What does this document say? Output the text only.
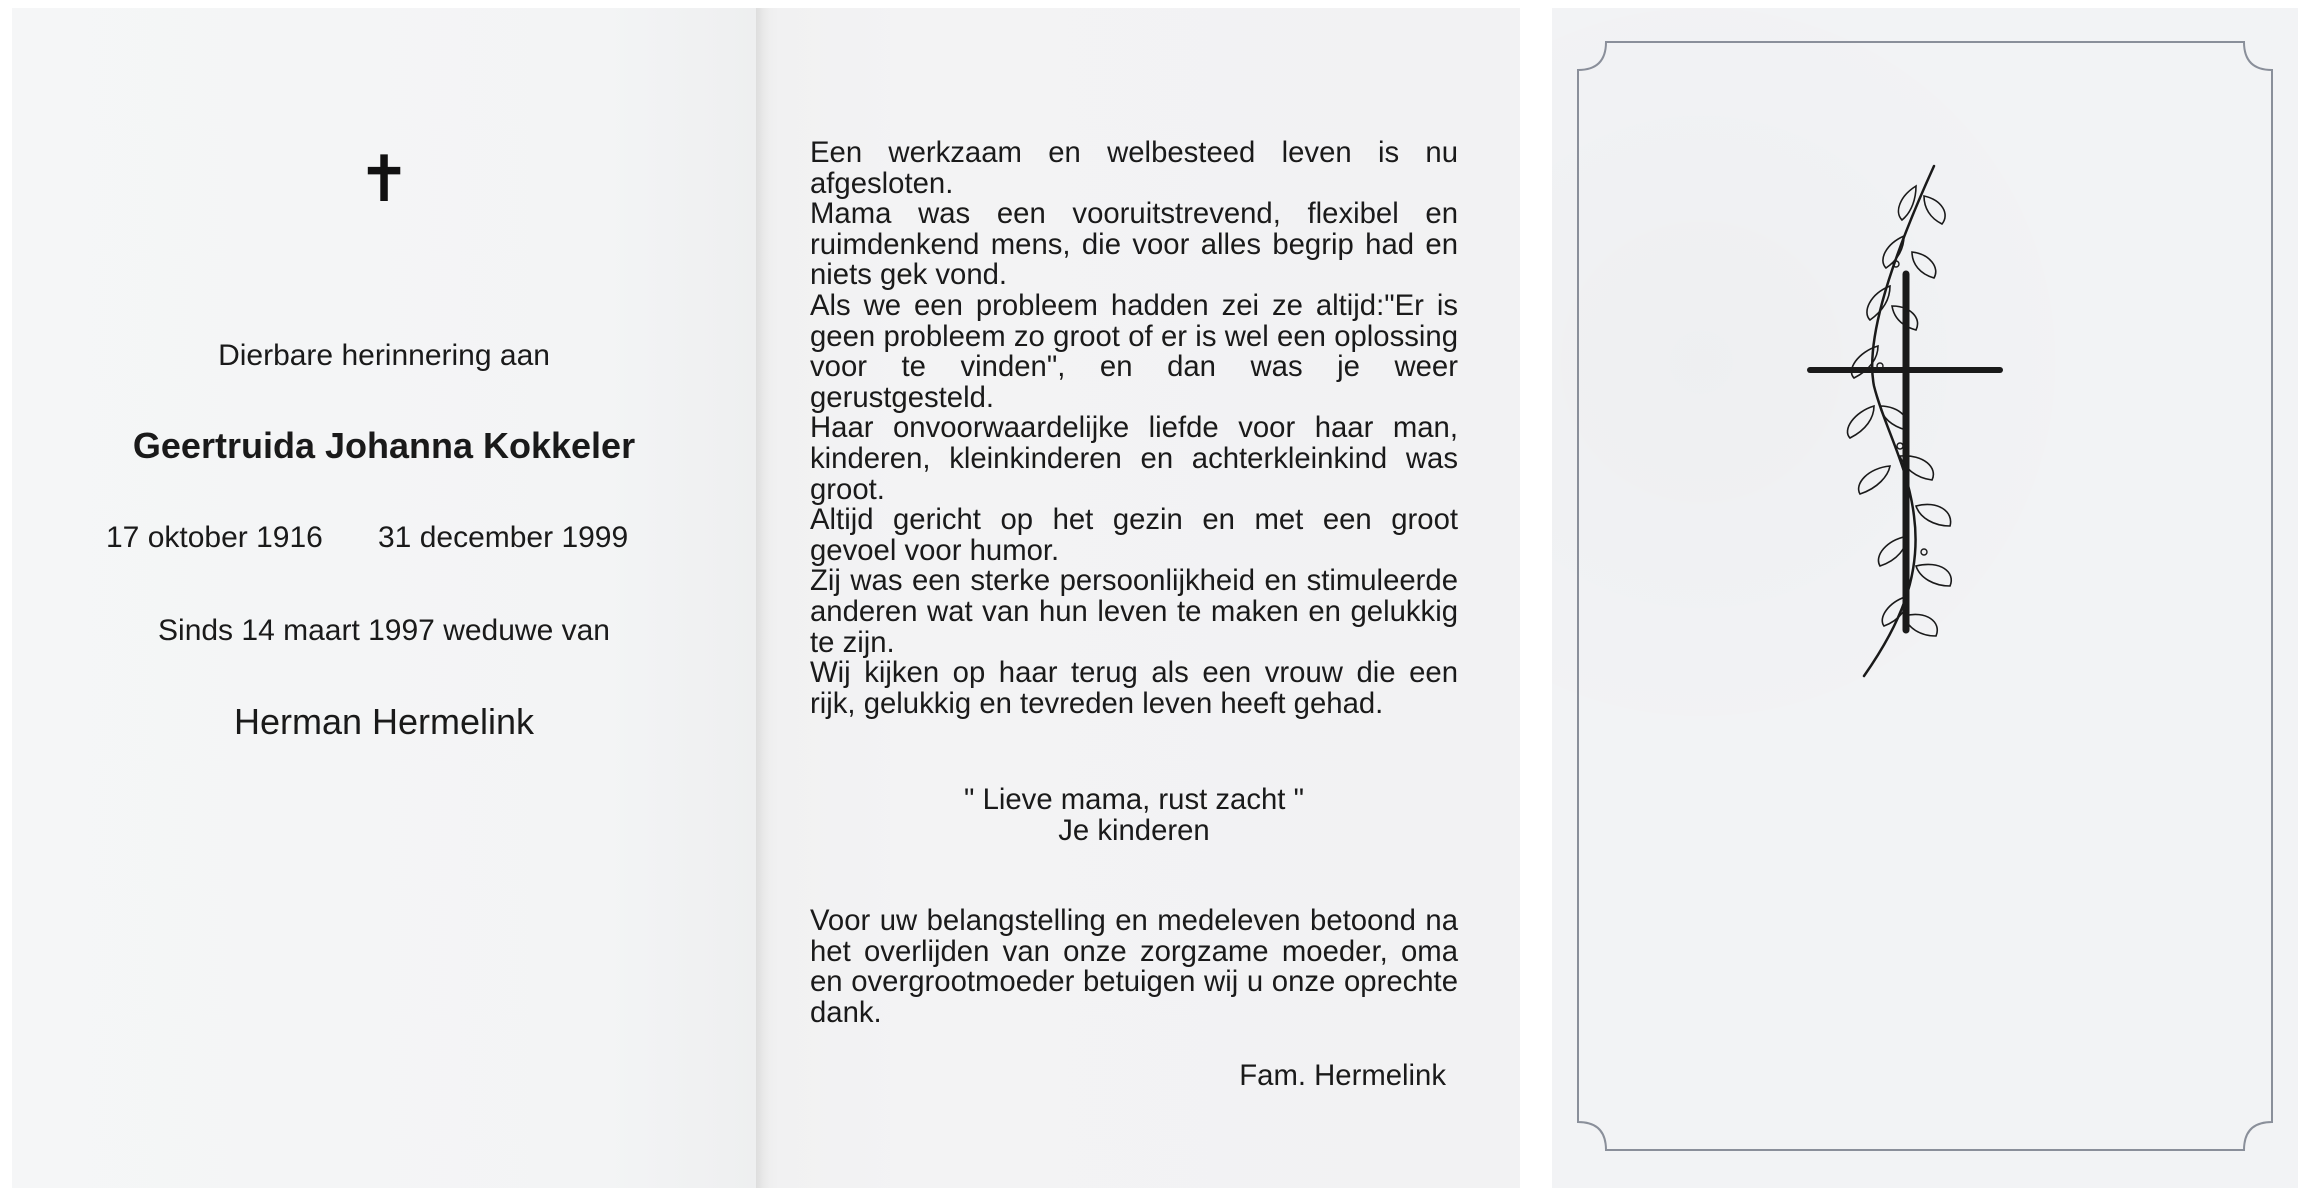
✝
Dierbare herinnering aan
Geertruida Johanna Kokkeler
17 oktober 1916 31 december 1999
Sinds 14 maart 1997 weduwe van
Herman Hermelink

Een werkzaam en welbesteed leven is nu afgesloten.

Mama was een vooruitstrevend, flexibel en ruimdenkend mens, die voor alles begrip had en niets gek vond.

Als we een probleem hadden zei ze altijd:"Er is geen probleem zo groot of er is wel een oplossing voor te vinden", en dan was je weer gerustgesteld.

Haar onvoorwaardelijke liefde voor haar man, kinderen, kleinkinderen en achterkleinkind was groot.

Altijd gericht op het gezin en met een groot gevoel voor humor.

Zij was een sterke persoonlijkheid en stimuleerde anderen wat van hun leven te maken en gelukkig te zijn.

Wij kijken op haar terug als een vrouw die een rijk, gelukkig en tevreden leven heeft gehad.

" Lieve mama, rust zacht "
Je kinderen
Voor uw belangstelling en medeleven betoond na het overlijden van onze zorgzame moeder, oma en overgrootmoeder betuigen wij u onze oprechte dank.
Fam. Hermelink
